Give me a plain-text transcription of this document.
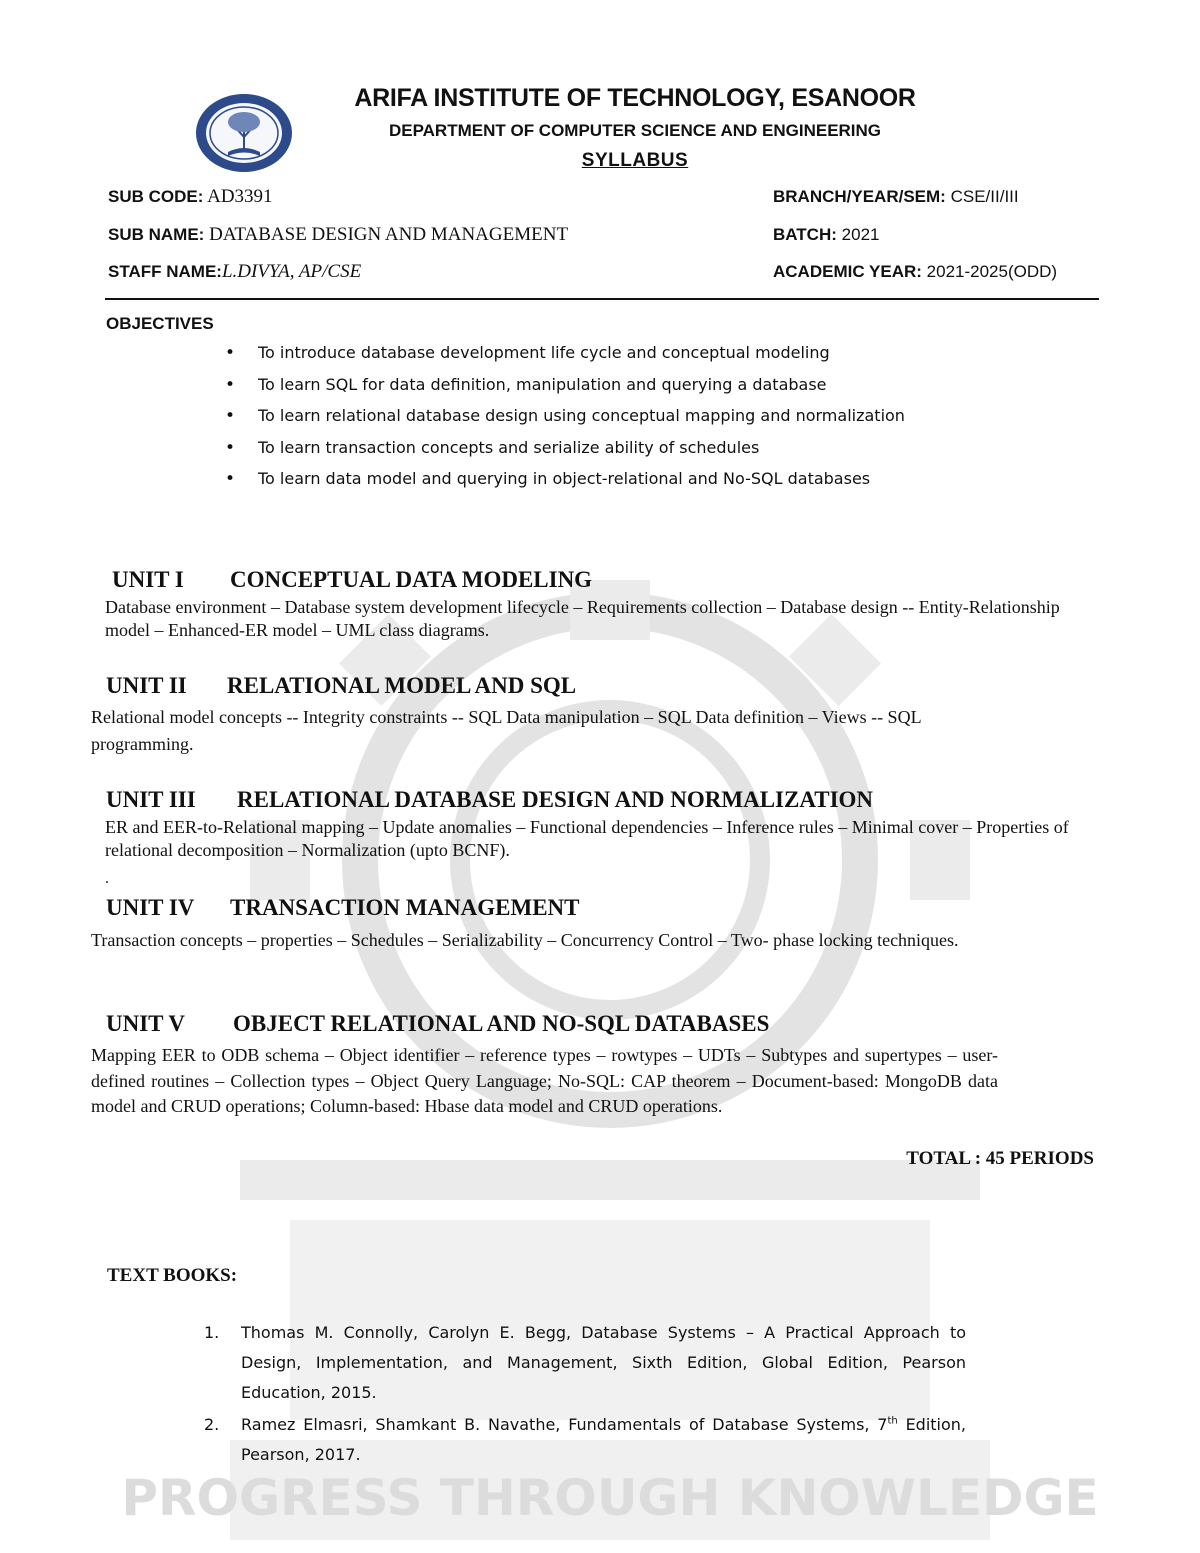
PROGRESS THROUGH KNOWLEDGE
ARIFA INSTITUTE OF TECHNOLOGY, ESANOOR
DEPARTMENT OF COMPUTER SCIENCE AND ENGINEERING
SYLLABUS
SUB CODE: AD3391	BRANCH/YEAR/SEM: CSE/II/III
SUB NAME: DATABASE DESIGN AND MANAGEMENT	BATCH: 2021
STAFF NAME:L.DIVYA, AP/CSE	ACADEMIC YEAR: 2021-2025(ODD)
OBJECTIVES
• To introduce database development life cycle and conceptual modeling
• To learn SQL for data definition, manipulation and querying a database
• To learn relational database design using conceptual mapping and normalization
• To learn transaction concepts and serialize ability of schedules
• To learn data model and querying in object-relational and No-SQL databases
UNIT I CONCEPTUAL DATA MODELING
Database environment – Database system development lifecycle – Requirements collection – Database design -- Entity-Relationship model – Enhanced-ER model – UML class diagrams.
UNIT II RELATIONAL MODEL AND SQL
Relational model concepts -- Integrity constraints -- SQL Data manipulation – SQL Data definition – Views -- SQL programming.
UNIT III RELATIONAL DATABASE DESIGN AND NORMALIZATION
ER and EER-to-Relational mapping – Update anomalies – Functional dependencies – Inference rules – Minimal cover – Properties of relational decomposition – Normalization (upto BCNF).
.
UNIT IV TRANSACTION MANAGEMENT
Transaction concepts – properties – Schedules – Serializability – Concurrency Control – Two- phase locking techniques.
UNIT V OBJECT RELATIONAL AND NO-SQL DATABASES
Mapping EER to ODB schema – Object identifier – reference types – rowtypes – UDTs – Subtypes and supertypes – user-defined routines – Collection types – Object Query Language; No-SQL: CAP theorem – Document-based: MongoDB data model and CRUD operations; Column-based: Hbase data model and CRUD operations.
TOTAL : 45 PERIODS
TEXT BOOKS:
1. Thomas M. Connolly, Carolyn E. Begg, Database Systems – A Practical Approach to Design, Implementation, and Management, Sixth Edition, Global Edition, Pearson Education, 2015.
2. Ramez Elmasri, Shamkant B. Navathe, Fundamentals of Database Systems, 7th Edition, Pearson, 2017.
